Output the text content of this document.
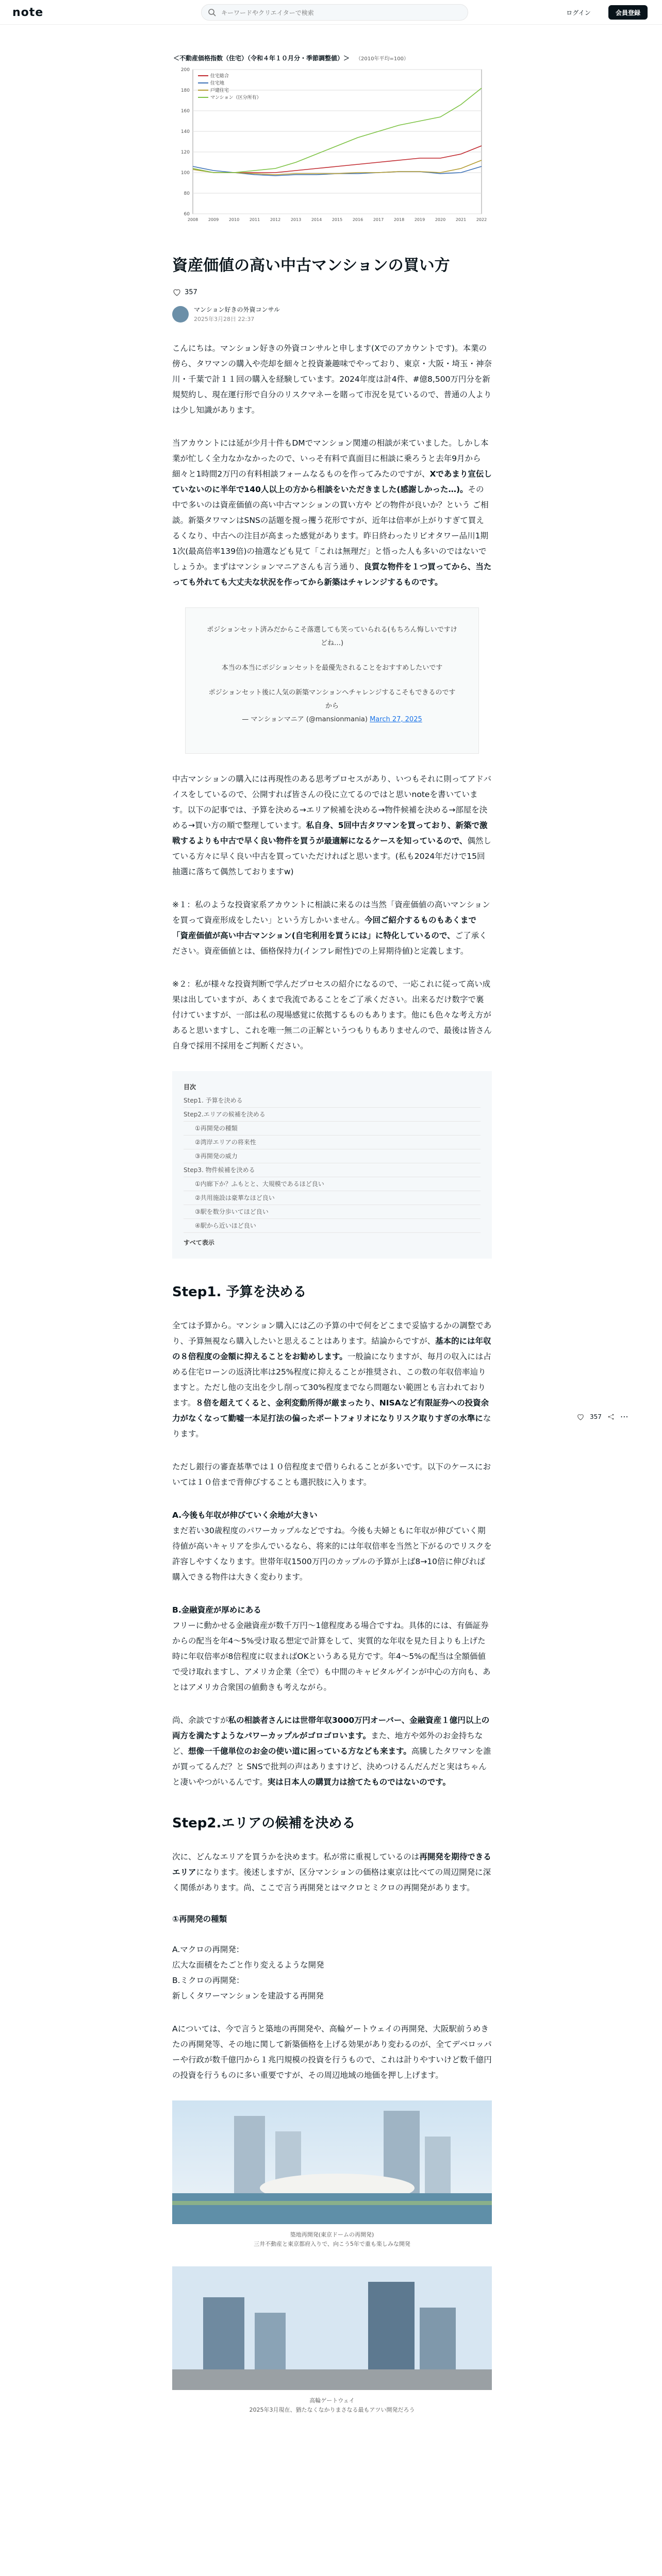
note
キーワードやクリエイターで検索	ログイン	会員登録
＜不動産価格指数（住宅）（令和４年１０月分・季節調整値）＞ （2010年平均=100）
200
180
160
140
120
100
80
60
2008 2009 2010 2011 2012 2013 2014 2015 2016 2017 2018 2019 2020 2021 2022
住宅総合
住宅地
戸建住宅
マンション（区分所有）
資産価値の高い中古マンションの買い方
357
マンション好きの外資コンサル
2025年3月28日 22:37

こんにちは。マンション好きの外資コンサルと申します(Xでのアカウントです)。本業の傍ら、タワマンの購入や売却を細々と投資兼趣味でやっており、東京・大阪・埼玉・神奈川・千葉で計１１回の購入を経験しています。2024年度は計4件、#億8,500万円分を新規契約し、現在運行形で自分のリスクマネーを賭って市況を見ているので、普通の人よりは少し知識があります。

当アカウントには延が少月十件もDMでマンション関連の相談が来ていました。しかし本業が忙しく全力なかなかったので、いっそ有料で真面目に相談に乗ろうと去年9月から細々と1時間2万円の有料相談フォームなるものを作ってみたのですが、Xであまり宣伝していないのに半年で140人以上の方から相談をいただきました(感謝しかった…)。その中で多いのは資産価値の高い中古マンションの買い方や どの物件が良いか？という ご相談。新築タワマンはSNSの話題を撹っ攫う花形ですが、近年は倍率が上がりすぎて買えるくなり、中古への注目が高まった感覚があります。昨日終わったリビオタワー品川1期1次(最高倍率139倍)の抽選なども見て「これは無理だ」と悟った人も多いのではないでしょうか。まずはマンションマニアさんも言う通り、良質な物件を１つ買ってから、当たっても外れても大丈夫な状況を作ってから新築はチャレンジするものです。

ポジションセット済みだからこそ落選しても笑っていられる(もちろん悔しいですけどね…)

本当の本当にポジションセットを最優先されることをおすすめしたいです

ポジションセット後に人気の新築マンションへチャレンジするこそもできるのですから
— マンションマニア (@mansionmania) March 27, 2025

中古マンションの購入には再現性のある思考プロセスがあり、いつもそれに則ってアドバイスをしているので、公開すれば皆さんの役に立てるのではと思いnoteを書いています。以下の記事では、予算を決める→エリア候補を決める→物件候補を決める→部屋を決める→買い方の順で整理しています。私自身、5回中古タワマンを買っており、新築で激戦するよりも中古で早く良い物件を買うが最適解になるケースを知っているので、偶然している方々に早く良い中古を買っていただければと思います。(私も2024年だけで15回抽選に落ちて偶然しておりますw)

※１：私のような投資家系アカウントに相談に来るのは当然「資産価値の高いマンションを買って資産形成をしたい」という方しかいません。今回ご紹介するものもあくまで「資産価値が高い中古マンション(自宅利用を買うには」に特化しているので、ご了承ください。資産価値とは、価格保持力(インフレ耐性)での上昇期待値)と定義します。

※２：私が様々な投資判断で学んだプロセスの紹介になるので、一応これに従って高い成果は出していますが、あくまで我流であることをご了承ください。出来るだけ数字で裏付けていますが、一部は私の現場感覚に依拠するものもあります。他にも色々な考え方があると思いますし、これを唯一無二の正解というつもりもありませんので、最後は皆さん自身で採用不採用をご判断ください。

目次
Step1. 予算を決める
Step2.エリアの候補を決める
①再開発の種類
②湾岸エリアの将来性
③再開発の威力
Step3. 物件候補を決める
①内廊下か？ふもとと、大規模であるほど良い
②共用施設は豪華なほど良い
③駅を数分歩いてほど良い
④駅から近いほど良い
すべて表示
Step1. 予算を決める

全ては予算から。マンション購入には乙の予算の中で何をどこまで妥協するかの調整であり、予算無視なら購入したいと思えることはあります。結論からですが、基本的には年収の８倍程度の金額に抑えることをお勧めします。一般論になりますが、毎月の収入には占める住宅ローンの返済比率は25%程度に抑えることが推奨され、この数の年収倍率辿りますと。ただし他の支出を少し削って30%程度までなら問題ない範囲とも言われております。８倍を超えてくると、金利変動所得が厳まったり、NISAなど有限証券への投資余力がなくなって勤嘘一本足打法の偏ったポートフォリオになりリスク取りすぎの水準になります。

ただし銀行の審査基準では１０倍程度まで借りられることが多いです。以下のケースにおいては１０倍まで背伸びすることも選択肢に入ります。

A.今後も年収が伸びていく余地が大きい
まだ若い30歳程度のパワーカップルなどですね。今後も夫婦ともに年収が伸びていく期待値が高いキャリアを歩んでいるなら、将来的には年収倍率を当然と下がるのでリスクを許容しやすくなります。世帯年収1500万円のカップルの予算が上ば8→10倍に伸びれば購入できる物件は大きく変わります。

B.金融資産が厚めにある
フリーに動かせる金融資産が数千万円〜1億程度ある場合ですね。具体的には、有価証券からの配当を年4〜5%受け取る想定で計算をして、実質的な年収を見た目よりも上げた時に年収倍率が8倍程度に収まればOKというある見方です。年4〜5%の配当は全額価値で受け取れますし、アメリカ企業（全で）も中間のキャピタルゲインが中心の方向も、あとはアメリカ合衆国の値動きも考えながら。

尚、余談ですが私の相談者さんには世帯年収3000万円オーバー、金融資産１億円以上の両方を満たすようなパワーカップルがゴロゴロいます。また、地方や郊外のお金持ちなど、想像一千億単位のお金の使い道に困っている方なども来ます。高騰したタワマンを誰が買ってるんだ？と SNSで批判の声はありますけど、決めつけるんだんだと実はちゃんと凄いやつがいるんです。実は日本人の購買力は捨てたものではないのです。

Step2.エリアの候補を決める

次に、どんなエリアを買うかを決めます。私が常に重視しているのは再開発を期待できるエリアになります。後述しますが、区分マンションの価格は東京は比べての周辺開発に深く関係があります。尚、ここで言う再開発とはマクロとミクロの再開発があります。

①再開発の種類

A.マクロの再開発：
広大な面積をたごと作り変えるような開発
B.ミクロの再開発：
新しくタワーマンションを建設する再開発

Aについては、今で言うと築地の再開発や、高輪ゲートウェイの再開発、大阪駅前うめきたの再開発等、その地に関して新築価格を上げる効果があり変わるのが、全てデベロッパーや行政が数千億円から１兆円規模の投資を行うもので、これは計りやすいけど数千億円の投資を行うものに多い重要ですが、その周辺地域の地価を押し上げます。

築地再開発(東京ドームの再開発)
三井不動産と東京都府入りで、向こう5年で重も楽しみな開発
高輪ゲートウェイ
2025年3月現在、猶たなくなかりまさなる最もアツい開発だろう
357 ⋯
